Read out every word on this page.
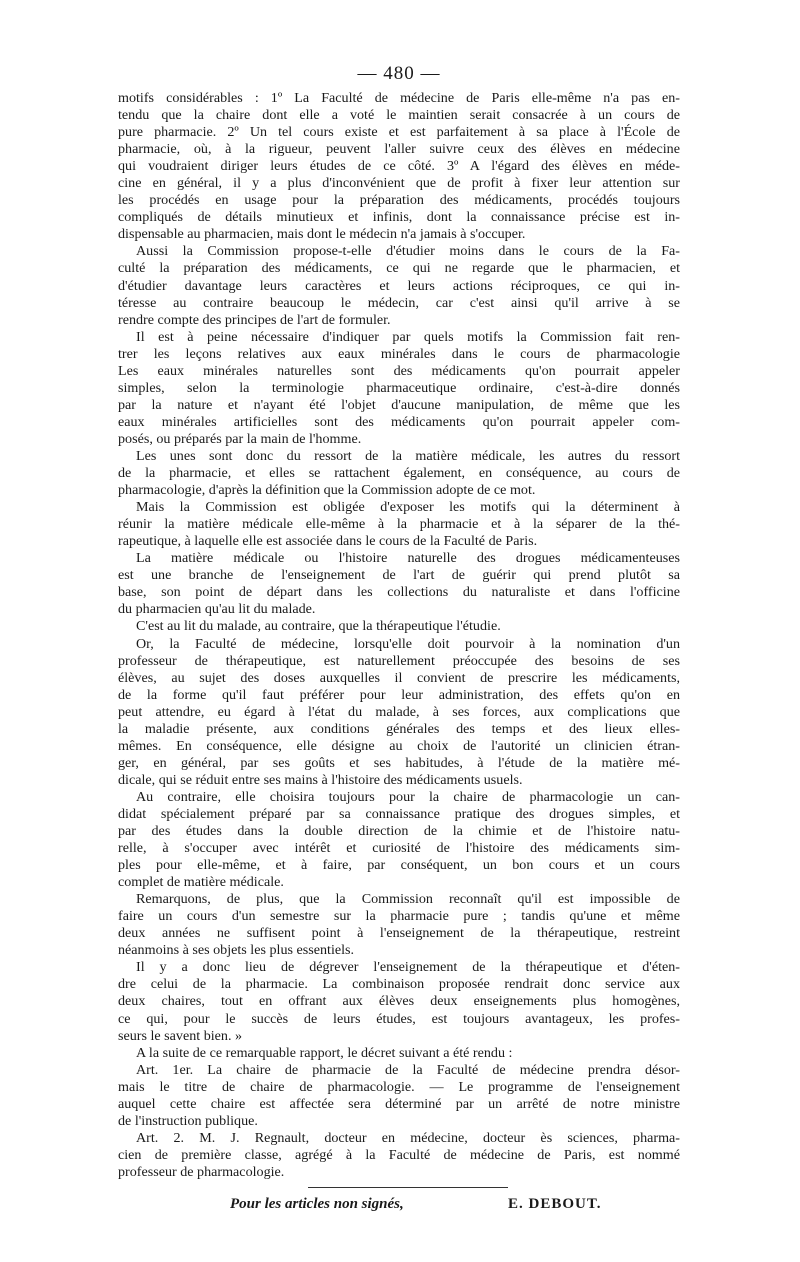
— 480 —
motifs considérables : 1º La Faculté de médecine de Paris elle-même n'a pas en-
tendu que la chaire dont elle a voté le maintien serait consacrée à un cours de
pure pharmacie. 2º Un tel cours existe et est parfaitement à sa place à l'École de
pharmacie, où, à la rigueur, peuvent l'aller suivre ceux des élèves en médecine
qui voudraient diriger leurs études de ce côté. 3º A l'égard des élèves en méde-
cine en général, il y a plus d'inconvénient que de profit à fixer leur attention sur
les procédés en usage pour la préparation des médicaments, procédés toujours
compliqués de détails minutieux et infinis, dont la connaissance précise est in-
dispensable au pharmacien, mais dont le médecin n'a jamais à s'occuper.
Aussi la Commission propose-t-elle d'étudier moins dans le cours de la Fa-
culté la préparation des médicaments, ce qui ne regarde que le pharmacien, et
d'étudier davantage leurs caractères et leurs actions réciproques, ce qui in-
téresse au contraire beaucoup le médecin, car c'est ainsi qu'il arrive à se
rendre compte des principes de l'art de formuler.
Il est à peine nécessaire d'indiquer par quels motifs la Commission fait ren-
trer les leçons relatives aux eaux minérales dans le cours de pharmacologie
Les eaux minérales naturelles sont des médicaments qu'on pourrait appeler
simples, selon la terminologie pharmaceutique ordinaire, c'est-à-dire donnés
par la nature et n'ayant été l'objet d'aucune manipulation, de même que les
eaux minérales artificielles sont des médicaments qu'on pourrait appeler com-
posés, ou préparés par la main de l'homme.
Les unes sont donc du ressort de la matière médicale, les autres du ressort
de la pharmacie, et elles se rattachent également, en conséquence, au cours de
pharmacologie, d'après la définition que la Commission adopte de ce mot.
Mais la Commission est obligée d'exposer les motifs qui la déterminent à
réunir la matière médicale elle-même à la pharmacie et à la séparer de la thé-
rapeutique, à laquelle elle est associée dans le cours de la Faculté de Paris.
La matière médicale ou l'histoire naturelle des drogues médicamenteuses
est une branche de l'enseignement de l'art de guérir qui prend plutôt sa
base, son point de départ dans les collections du naturaliste et dans l'officine
du pharmacien qu'au lit du malade.
C'est au lit du malade, au contraire, que la thérapeutique l'étudie.
Or, la Faculté de médecine, lorsqu'elle doit pourvoir à la nomination d'un
professeur de thérapeutique, est naturellement préoccupée des besoins de ses
élèves, au sujet des doses auxquelles il convient de prescrire les médicaments,
de la forme qu'il faut préférer pour leur administration, des effets qu'on en
peut attendre, eu égard à l'état du malade, à ses forces, aux complications que
la maladie présente, aux conditions générales des temps et des lieux elles-
mêmes. En conséquence, elle désigne au choix de l'autorité un clinicien étran-
ger, en général, par ses goûts et ses habitudes, à l'étude de la matière mé-
dicale, qui se réduit entre ses mains à l'histoire des médicaments usuels.
Au contraire, elle choisira toujours pour la chaire de pharmacologie un can-
didat spécialement préparé par sa connaissance pratique des drogues simples, et
par des études dans la double direction de la chimie et de l'histoire natu-
relle, à s'occuper avec intérêt et curiosité de l'histoire des médicaments sim-
ples pour elle-même, et à faire, par conséquent, un bon cours et un cours
complet de matière médicale.
Remarquons, de plus, que la Commission reconnaît qu'il est impossible de
faire un cours d'un semestre sur la pharmacie pure ; tandis qu'une et même
deux années ne suffisent point à l'enseignement de la thérapeutique, restreint
néanmoins à ses objets les plus essentiels.
Il y a donc lieu de dégrever l'enseignement de la thérapeutique et d'éten-
dre celui de la pharmacie. La combinaison proposée rendrait donc service aux
deux chaires, tout en offrant aux élèves deux enseignements plus homogènes,
ce qui, pour le succès de leurs études, est toujours avantageux, les profes-
seurs le savent bien. »
A la suite de ce remarquable rapport, le décret suivant a été rendu :
Art. 1er. La chaire de pharmacie de la Faculté de médecine prendra désor-
mais le titre de chaire de pharmacologie. — Le programme de l'enseignement
auquel cette chaire est affectée sera déterminé par un arrêté de notre ministre
de l'instruction publique.
Art. 2. M. J. Regnault, docteur en médecine, docteur ès sciences, pharma-
cien de première classe, agrégé à la Faculté de médecine de Paris, est nommé
professeur de pharmacologie.
Pour les articles non signés,	E. DEBOUT.
